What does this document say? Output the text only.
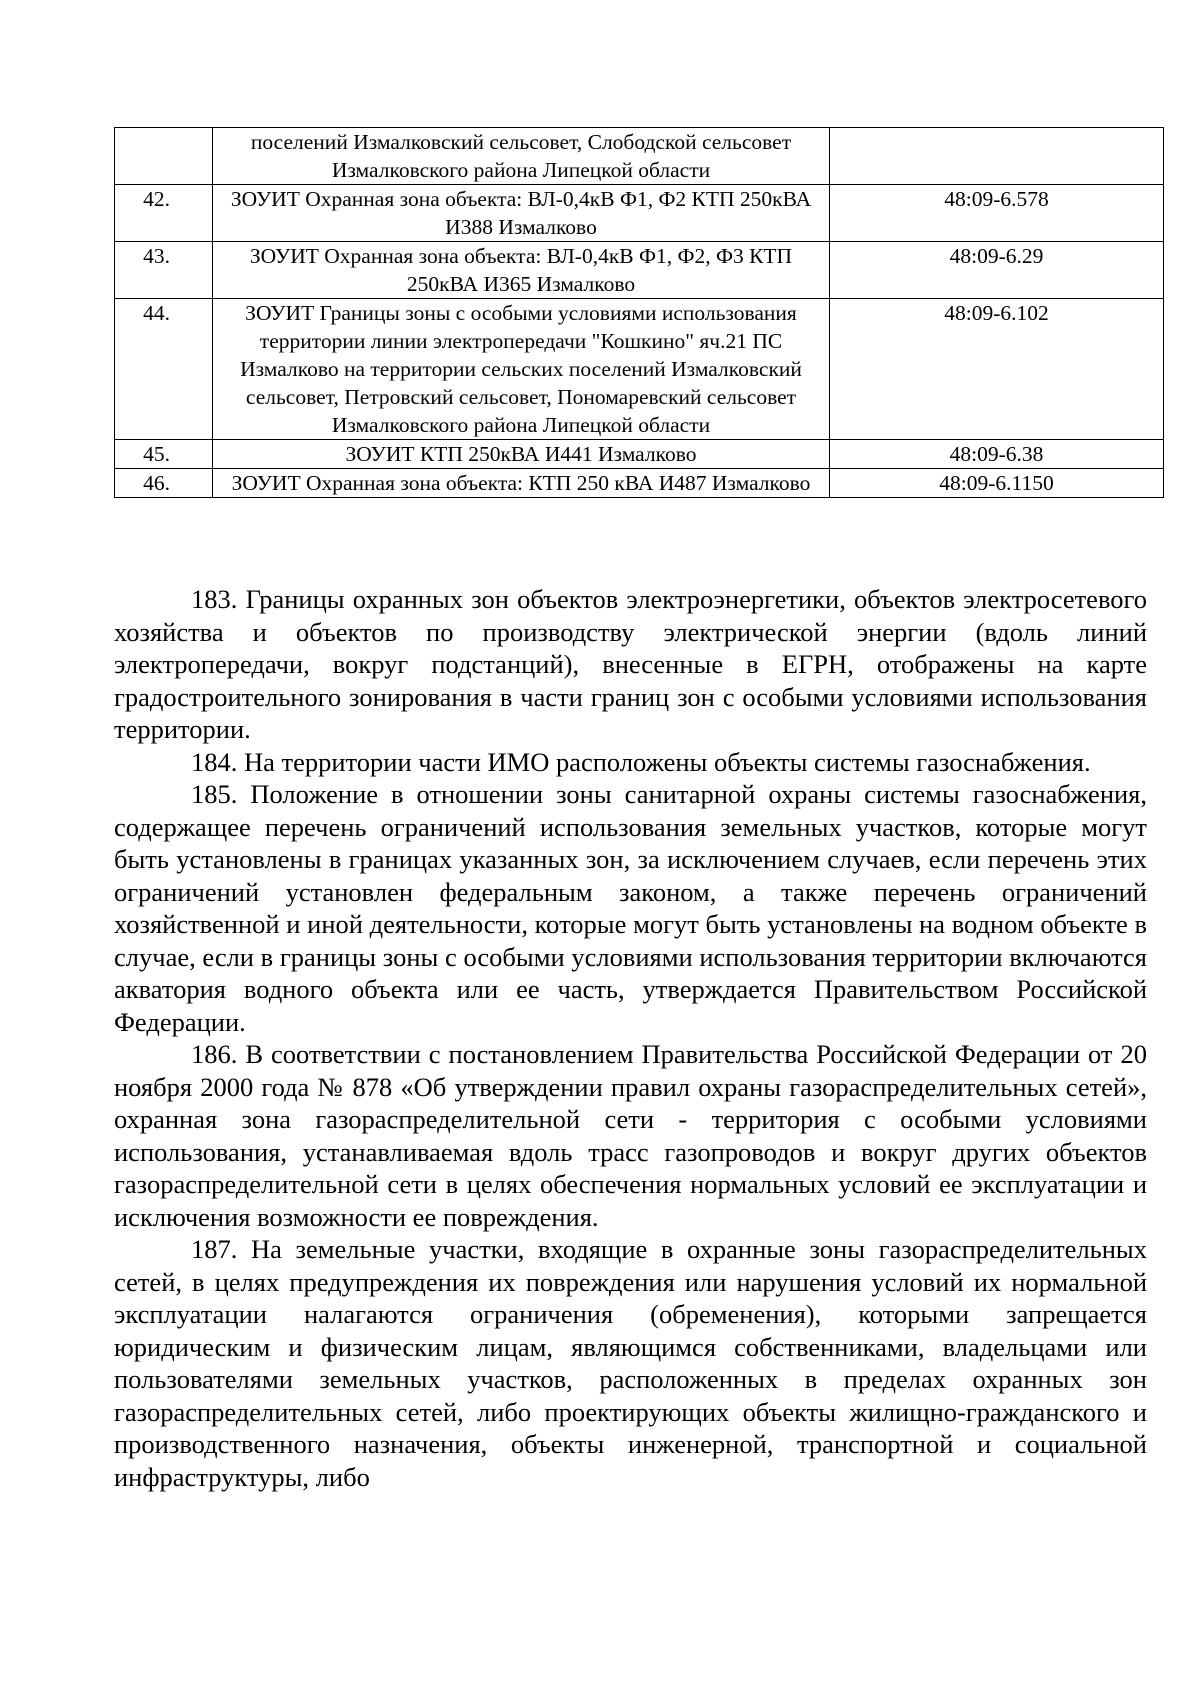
	поселений Измалковский сельсовет, Слободской сельсовет Измалковского района Липецкой области	
42.	ЗОУИТ Охранная зона объекта: ВЛ-0,4кВ Ф1, Ф2 КТП 250кВА И388 Измалково	48:09-6.578
43.	ЗОУИТ Охранная зона объекта: ВЛ-0,4кВ Ф1, Ф2, Ф3 КТП 250кВА И365 Измалково	48:09-6.29
44.	ЗОУИТ Границы зоны с особыми условиями использования территории линии электропередачи "Кошкино" яч.21 ПС Измалково на территории сельских поселений Измалковский сельсовет, Петровский сельсовет, Пономаревский сельсовет Измалковского района Липецкой области	48:09-6.102
45.	ЗОУИТ КТП 250кВА И441 Измалково	48:09-6.38
46.	ЗОУИТ Охранная зона объекта: КТП 250 кВА И487 Измалково	48:09-6.1150

183. Границы охранных зон объектов электроэнергетики, объектов электросетевого хозяйства и объектов по производству электрической энергии (вдоль линий электропередачи, вокруг подстанций), внесенные в ЕГРН, отображены на карте градостроительного зонирования в части границ зон с особыми условиями использования территории.

184. На территории части ИМО расположены объекты системы газоснабжения.

185. Положение в отношении зоны санитарной охраны системы газоснабжения, содержащее перечень ограничений использования земельных участков, которые могут быть установлены в границах указанных зон, за исключением случаев, если перечень этих ограничений установлен федеральным законом, а также перечень ограничений хозяйственной и иной деятельности, которые могут быть установлены на водном объекте в случае, если в границы зоны с особыми условиями использования территории включаются акватория водного объекта или ее часть, утверждается Правительством Российской Федерации.

186. В соответствии с постановлением Правительства Российской Федерации от 20 ноября 2000 года № 878 «Об утверждении правил охраны газораспределительных сетей», охранная зона газораспределительной сети - территория с особыми условиями использования, устанавливаемая вдоль трасс газопроводов и вокруг других объектов газораспределительной сети в целях обеспечения нормальных условий ее эксплуатации и исключения возможности ее повреждения.

187. На земельные участки, входящие в охранные зоны газораспределительных сетей, в целях предупреждения их повреждения или нарушения условий их нормальной эксплуатации налагаются ограничения (обременения), которыми запрещается юридическим и физическим лицам, являющимся собственниками, владельцами или пользователями земельных участков, расположенных в пределах охранных зон газораспределительных сетей, либо проектирующих объекты жилищно-гражданского и производственного назначения, объекты инженерной, транспортной и социальной инфраструктуры, либо
